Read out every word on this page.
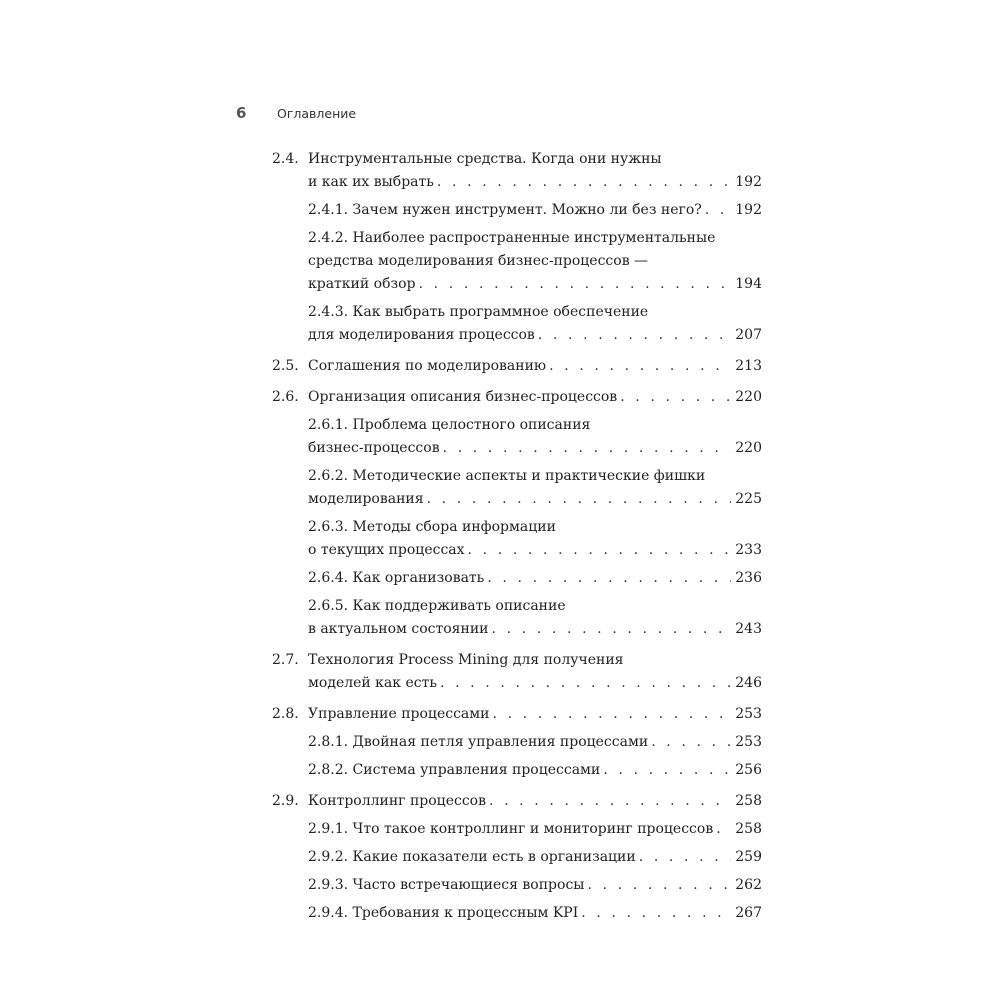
6 Оглавление
2.4. Инструментальные средства. Когда они нужны
и как их выбрать . . .	192
2.4.1. Зачем нужен инструмент. Можно ли без него? . . . 192
2.4.2. Наиболее распространенные инструментальные
средства моделирования бизнес-процессов —
краткий обзор . . .	194
2.4.3. Как выбрать программное обеспечение
для моделирования процессов . . .	207
2.5. Соглашения по моделированию . . .	213
2.6. Организация описания бизнес-процессов . . .	220
2.6.1. Проблема целостного описания
бизнес-процессов . . .	220
2.6.2. Методические аспекты и практические фишки
моделирования . . .	225
2.6.3. Методы сбора информации
о текущих процессах . . .	233
2.6.4. Как организовать . . .	236
2.6.5. Как поддерживать описание
в актуальном состоянии . . .	243
2.7. Технология Process Mining для получения
моделей как есть . . .	246
2.8. Управление процессами . . .	253
2.8.1. Двойная петля управления процессами . . .	253
2.8.2. Система управления процессами . . .	256
2.9. Контроллинг процессов . . .	258
2.9.1. Что такое контроллинг и мониторинг процессов . . . 258
2.9.2. Какие показатели есть в организации . . .	259
2.9.3. Часто встречающиеся вопросы . . .	262
2.9.4. Требования к процессным KPI . . .	267
